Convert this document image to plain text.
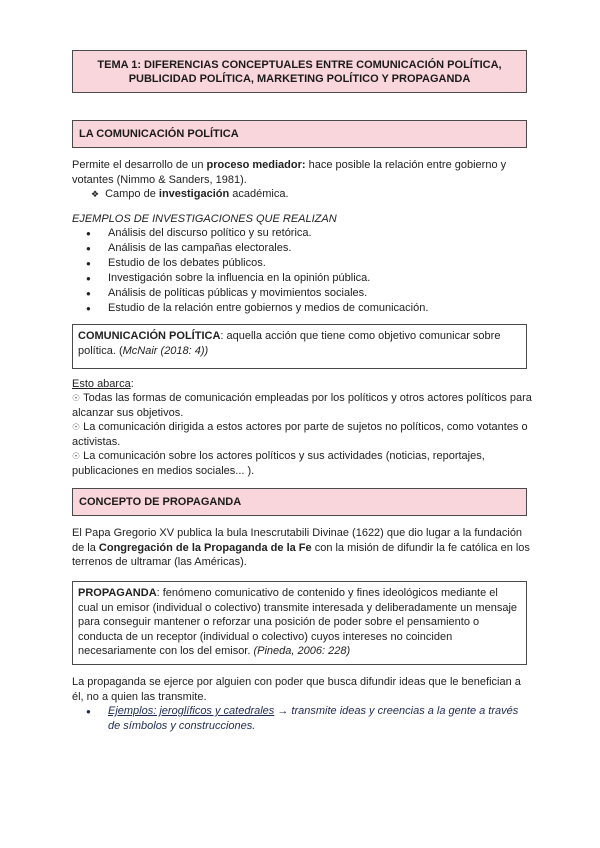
TEMA 1: DIFERENCIAS CONCEPTUALES ENTRE COMUNICACIÓN POLÍTICA,
PUBLICIDAD POLÍTICA, MARKETING POLÍTICO Y PROPAGANDA
LA COMUNICACIÓN POLÍTICA
Permite el desarrollo de un proceso mediador: hace posible la relación entre gobierno y votantes (Nimmo & Sanders, 1981).
❖ Campo de investigación académica.
EJEMPLOS DE INVESTIGACIONES QUE REALIZAN
●	Análisis del discurso político y su retórica.
●	Análisis de las campañas electorales.
●	Estudio de los debates públicos.
●	Investigación sobre la influencia en la opinión pública.
●	Análisis de políticas públicas y movimientos sociales.
●	Estudio de la relación entre gobiernos y medios de comunicación.
COMUNICACIÓN POLÍTICA: aquella acción que tiene como objetivo comunicar sobre política. (McNair (2018: 4))
Esto abarca:
☉ Todas las formas de comunicación empleadas por los políticos y otros actores políticos para alcanzar sus objetivos.
☉ La comunicación dirigida a estos actores por parte de sujetos no políticos, como votantes o activistas.
☉ La comunicación sobre los actores políticos y sus actividades (noticias, reportajes, publicaciones en medios sociales... ).
CONCEPTO DE PROPAGANDA
El Papa Gregorio XV publica la bula Inescrutabili Divinae (1622) que dio lugar a la fundación de la Congregación de la Propaganda de la Fe con la misión de difundir la fe católica en los terrenos de ultramar (las Américas).
PROPAGANDA: fenómeno comunicativo de contenido y fines ideológicos mediante el cual un emisor (individual o colectivo) transmite interesada y deliberadamente un mensaje para conseguir mantener o reforzar una posición de poder sobre el pensamiento o conducta de un receptor (individual o colectivo) cuyos intereses no coinciden necesariamente con los del emisor. (Pineda, 2006: 228)
La propaganda se ejerce por alguien con poder que busca difundir ideas que le benefician a él, no a quien las transmite.
●	Ejemplos: jeroglíficos y catedrales → transmite ideas y creencias a la gente a través de símbolos y construcciones.
